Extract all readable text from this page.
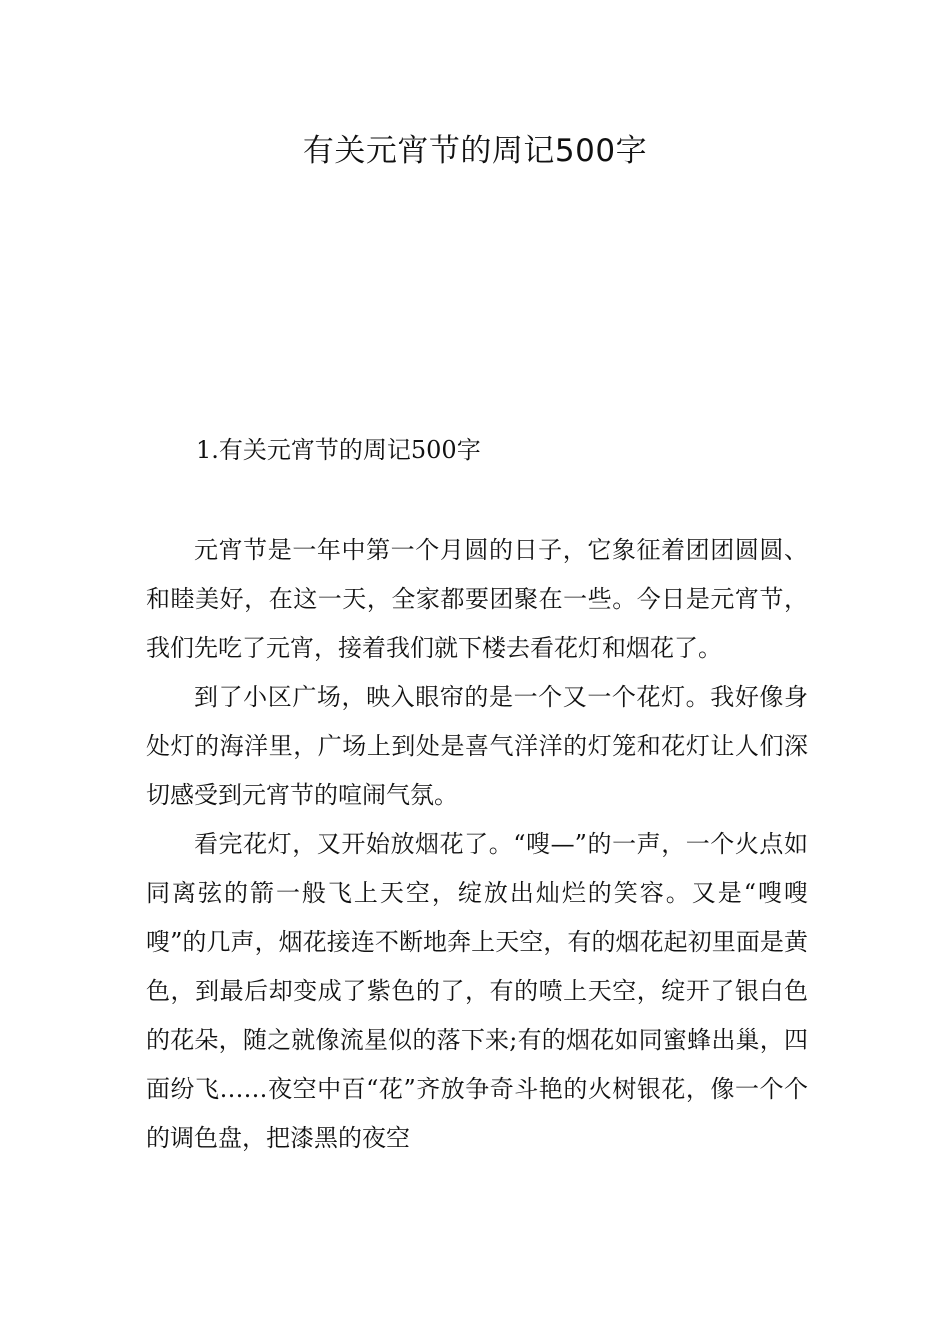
有关元宵节的周记500字
1.有关元宵节的周记500字

元宵节是一年中第一个月圆的日子，它象征着团团圆圆、和睦美好，在这一天，全家都要团聚在一些。今日是元宵节，我们先吃了元宵，接着我们就下楼去看花灯和烟花了。

到了小区广场，映入眼帘的是一个又一个花灯。我好像身处灯的海洋里，广场上到处是喜气洋洋的灯笼和花灯让人们深切感受到元宵节的喧闹气氛。

看完花灯，又开始放烟花了。“嗖—”的一声，一个火点如同离弦的箭一般飞上天空，绽放出灿烂的笑容。又是“嗖嗖嗖”的几声，烟花接连不断地奔上天空，有的烟花起初里面是黄色，到最后却变成了紫色的了，有的喷上天空，绽开了银白色的花朵，随之就像流星似的落下来;有的烟花如同蜜蜂出巢，四面纷飞……夜空中百“花”齐放争奇斗艳的火树银花，像一个个的调色盘，把漆黑的夜空
